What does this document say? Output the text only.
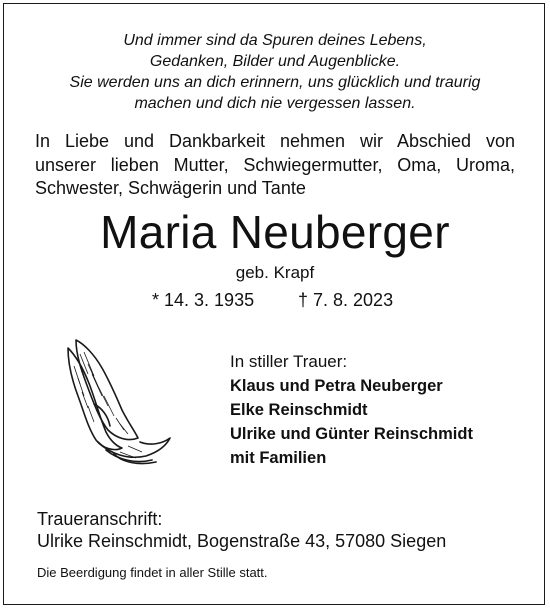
Und immer sind da Spuren deines Lebens,
Gedanken, Bilder und Augenblicke.
Sie werden uns an dich erinnern, uns glücklich und traurig
machen und dich nie vergessen lassen.
In Liebe und Dankbarkeit nehmen wir Abschied von
unserer lieben Mutter, Schwiegermutter, Oma, Uroma,
Schwester, Schwägerin und Tante
Maria Neuberger
geb. Krapf
* 14. 3. 1935 † 7. 8. 2023
In stiller Trauer:
Klaus und Petra Neuberger
Elke Reinschmidt
Ulrike und Günter Reinschmidt
mit Familien
Traueranschrift:
Ulrike Reinschmidt, Bogenstraße 43, 57080 Siegen
Die Beerdigung findet in aller Stille statt.
